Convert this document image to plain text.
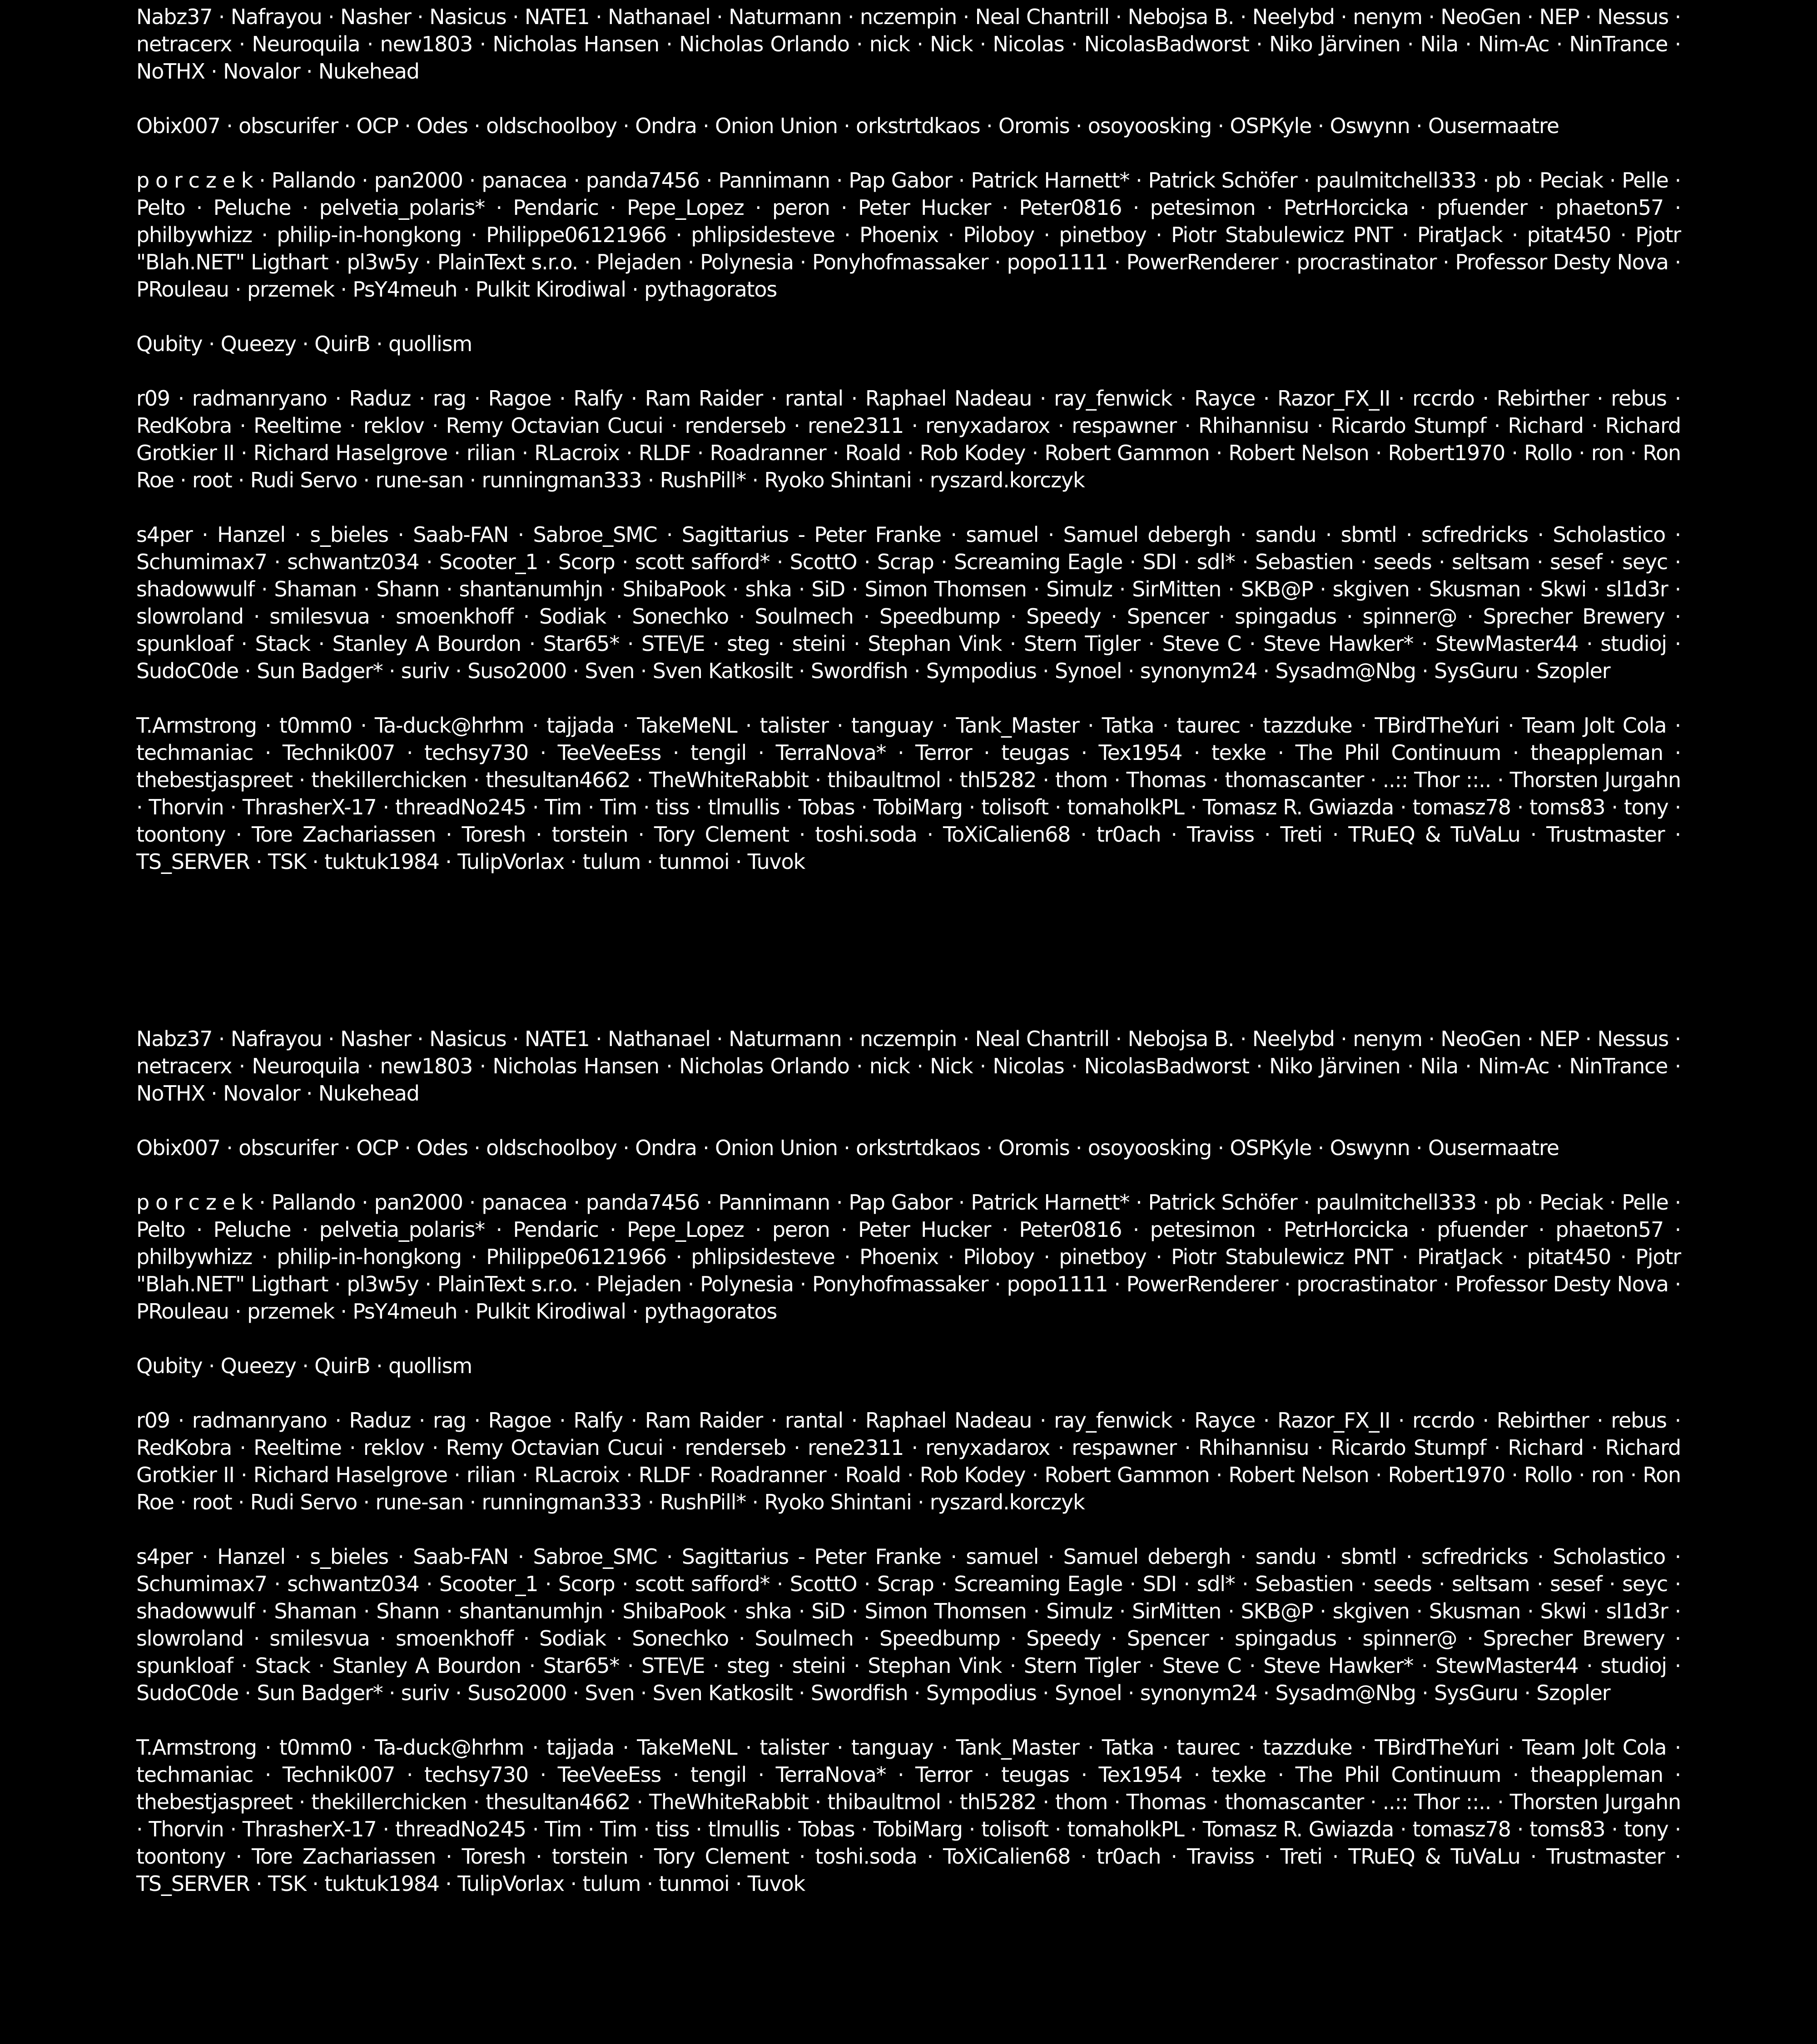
Nabz37 · Nafrayou · Nasher · Nasicus · NATE1 · Nathanael · Naturmann · nczempin · Neal Chantrill · Nebojsa B. · Neelybd · nenym · NeoGen · NEP · Nessus · netracerx · Neuroquila · new1803 · Nicholas Hansen · Nicholas Orlando · nick · Nick · Nicolas · NicolasBadworst · Niko Järvinen · Nila · Nim-Ac · NinTrance · NoTHX · Novalor · Nukehead

Obix007 · obscurifer · OCP · Odes · oldschoolboy · Ondra · Onion Union · orkstrtdkaos · Oromis · osoyoosking · OSPKyle · Oswynn · Ousermaatre

p o r c z e k · Pallando · pan2000 · panacea · panda7456 · Pannimann · Pap Gabor · Patrick Harnett* · Patrick Schöfer · paulmitchell333 · pb · Peciak · Pelle · Pelto · Peluche · pelvetia_polaris* · Pendaric · Pepe_Lopez · peron · Peter Hucker · Peter0816 · petesimon · PetrHorcicka · pfuender · phaeton57 · philbywhizz · philip-in-hongkong · Philippe06121966 · phlipsidesteve · Phoenix · Piloboy · pinetboy · Piotr Stabulewicz PNT · PiratJack · pitat450 · Pjotr "Blah.NET" Ligthart · pl3w5y · PlainText s.r.o. · Plejaden · Polynesia · Ponyhofmassaker · popo1111 · PowerRenderer · procrastinator · Professor Desty Nova · PRouleau · przemek · PsY4meuh · Pulkit Kirodiwal · pythagoratos

Qubity · Queezy · QuirB · quollism

r09 · radmanryano · Raduz · rag · Ragoe · Ralfy · Ram Raider · rantal · Raphael Nadeau · ray_fenwick · Rayce · Razor_FX_II · rccrdo · Rebirther · rebus · RedKobra · Reeltime · reklov · Remy Octavian Cucui · renderseb · rene2311 · renyxadarox · respawner · Rhihannisu · Ricardo Stumpf · Richard · Richard Grotkier II · Richard Haselgrove · rilian · RLacroix · RLDF · Roadranner · Roald · Rob Kodey · Robert Gammon · Robert Nelson · Robert1970 · Rollo · ron · Ron Roe · root · Rudi Servo · rune-san · runningman333 · RushPill* · Ryoko Shintani · ryszard.korczyk

s4per · Hanzel · s_bieles · Saab-FAN · Sabroe_SMC · Sagittarius - Peter Franke · samuel · Samuel debergh · sandu · sbmtl · scfredricks · Scholastico · Schumimax7 · schwantz034 · Scooter_1 · Scorp · scott safford* · ScottO · Scrap · Screaming Eagle · SDI · sdl* · Sebastien · seeds · seltsam · sesef · seyc · shadowwulf · Shaman · Shann · shantanumhjn · ShibaPook · shka · SiD · Simon Thomsen · Simulz · SirMitten · SKB@P · skgiven · Skusman · Skwi · sl1d3r · slowroland · smilesvua · smoenkhoff · Sodiak · Sonechko · Soulmech · Speedbump · Speedy · Spencer · spingadus · spinner@ · Sprecher Brewery · spunkloaf · Stack · Stanley A Bourdon · Star65* · STE\/E · steg · steini · Stephan Vink · Stern Tigler · Steve C · Steve Hawker* · StewMaster44 · studioj · SudoC0de · Sun Badger* · suriv · Suso2000 · Sven · Sven Katkosilt · Swordfish · Sympodius · Synoel · synonym24 · Sysadm@Nbg · SysGuru · Szopler

T.Armstrong · t0mm0 · Ta-duck@hrhm · tajjada · TakeMeNL · talister · tanguay · Tank_Master · Tatka · taurec · tazzduke · TBirdTheYuri · Team Jolt Cola · techmaniac · Technik007 · techsy730 · TeeVeeEss · tengil · TerraNova* · Terror · teugas · Tex1954 · texke · The Phil Continuum · theappleman · thebestjaspreet · thekillerchicken · thesultan4662 · TheWhiteRabbit · thibaultmol · thl5282 · thom · Thomas · thomascanter · ..:: Thor ::.. · Thorsten Jurgahn · Thorvin · ThrasherX-17 · threadNo245 · Tim · Tim · tiss · tlmullis · Tobas · TobiMarg · tolisoft · tomaholkPL · Tomasz R. Gwiazda · tomasz78 · toms83 · tony · toontony · Tore Zachariassen · Toresh · torstein · Tory Clement · toshi.soda · ToXiCalien68 · tr0ach · Traviss · Treti · TRuEQ & TuVaLu · Trustmaster · TS_SERVER · TSK · tuktuk1984 · TulipVorlax · tulum · tunmoi · Tuvok

Nabz37 · Nafrayou · Nasher · Nasicus · NATE1 · Nathanael · Naturmann · nczempin · Neal Chantrill · Nebojsa B. · Neelybd · nenym · NeoGen · NEP · Nessus · netracerx · Neuroquila · new1803 · Nicholas Hansen · Nicholas Orlando · nick · Nick · Nicolas · NicolasBadworst · Niko Järvinen · Nila · Nim-Ac · NinTrance · NoTHX · Novalor · Nukehead

Obix007 · obscurifer · OCP · Odes · oldschoolboy · Ondra · Onion Union · orkstrtdkaos · Oromis · osoyoosking · OSPKyle · Oswynn · Ousermaatre

p o r c z e k · Pallando · pan2000 · panacea · panda7456 · Pannimann · Pap Gabor · Patrick Harnett* · Patrick Schöfer · paulmitchell333 · pb · Peciak · Pelle · Pelto · Peluche · pelvetia_polaris* · Pendaric · Pepe_Lopez · peron · Peter Hucker · Peter0816 · petesimon · PetrHorcicka · pfuender · phaeton57 · philbywhizz · philip-in-hongkong · Philippe06121966 · phlipsidesteve · Phoenix · Piloboy · pinetboy · Piotr Stabulewicz PNT · PiratJack · pitat450 · Pjotr "Blah.NET" Ligthart · pl3w5y · PlainText s.r.o. · Plejaden · Polynesia · Ponyhofmassaker · popo1111 · PowerRenderer · procrastinator · Professor Desty Nova · PRouleau · przemek · PsY4meuh · Pulkit Kirodiwal · pythagoratos

Qubity · Queezy · QuirB · quollism

r09 · radmanryano · Raduz · rag · Ragoe · Ralfy · Ram Raider · rantal · Raphael Nadeau · ray_fenwick · Rayce · Razor_FX_II · rccrdo · Rebirther · rebus · RedKobra · Reeltime · reklov · Remy Octavian Cucui · renderseb · rene2311 · renyxadarox · respawner · Rhihannisu · Ricardo Stumpf · Richard · Richard Grotkier II · Richard Haselgrove · rilian · RLacroix · RLDF · Roadranner · Roald · Rob Kodey · Robert Gammon · Robert Nelson · Robert1970 · Rollo · ron · Ron Roe · root · Rudi Servo · rune-san · runningman333 · RushPill* · Ryoko Shintani · ryszard.korczyk

s4per · Hanzel · s_bieles · Saab-FAN · Sabroe_SMC · Sagittarius - Peter Franke · samuel · Samuel debergh · sandu · sbmtl · scfredricks · Scholastico · Schumimax7 · schwantz034 · Scooter_1 · Scorp · scott safford* · ScottO · Scrap · Screaming Eagle · SDI · sdl* · Sebastien · seeds · seltsam · sesef · seyc · shadowwulf · Shaman · Shann · shantanumhjn · ShibaPook · shka · SiD · Simon Thomsen · Simulz · SirMitten · SKB@P · skgiven · Skusman · Skwi · sl1d3r · slowroland · smilesvua · smoenkhoff · Sodiak · Sonechko · Soulmech · Speedbump · Speedy · Spencer · spingadus · spinner@ · Sprecher Brewery · spunkloaf · Stack · Stanley A Bourdon · Star65* · STE\/E · steg · steini · Stephan Vink · Stern Tigler · Steve C · Steve Hawker* · StewMaster44 · studioj · SudoC0de · Sun Badger* · suriv · Suso2000 · Sven · Sven Katkosilt · Swordfish · Sympodius · Synoel · synonym24 · Sysadm@Nbg · SysGuru · Szopler

T.Armstrong · t0mm0 · Ta-duck@hrhm · tajjada · TakeMeNL · talister · tanguay · Tank_Master · Tatka · taurec · tazzduke · TBirdTheYuri · Team Jolt Cola · techmaniac · Technik007 · techsy730 · TeeVeeEss · tengil · TerraNova* · Terror · teugas · Tex1954 · texke · The Phil Continuum · theappleman · thebestjaspreet · thekillerchicken · thesultan4662 · TheWhiteRabbit · thibaultmol · thl5282 · thom · Thomas · thomascanter · ..:: Thor ::.. · Thorsten Jurgahn · Thorvin · ThrasherX-17 · threadNo245 · Tim · Tim · tiss · tlmullis · Tobas · TobiMarg · tolisoft · tomaholkPL · Tomasz R. Gwiazda · tomasz78 · toms83 · tony · toontony · Tore Zachariassen · Toresh · torstein · Tory Clement · toshi.soda · ToXiCalien68 · tr0ach · Traviss · Treti · TRuEQ & TuVaLu · Trustmaster · TS_SERVER · TSK · tuktuk1984 · TulipVorlax · tulum · tunmoi · Tuvok
